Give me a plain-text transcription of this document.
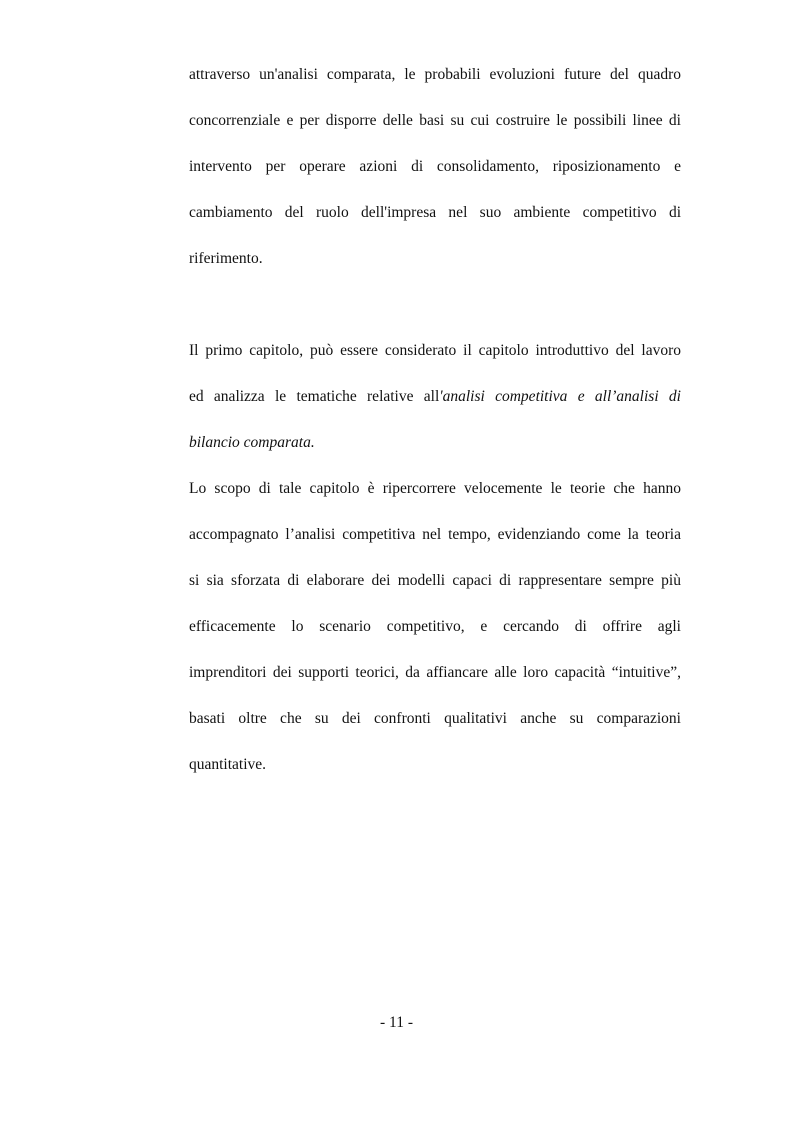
attraverso un'analisi comparata, le probabili evoluzioni future del quadro

concorrenziale e per disporre delle basi su cui costruire le possibili linee di

intervento per operare azioni di consolidamento, riposizionamento e

cambiamento del ruolo dell'impresa nel suo ambiente competitivo di

riferimento.

Il primo capitolo, può essere considerato il capitolo introduttivo del lavoro

ed analizza le tematiche relative all'analisi competitiva e all’analisi di

bilancio comparata.

Lo scopo di tale capitolo è ripercorrere velocemente le teorie che hanno

accompagnato l’analisi competitiva nel tempo, evidenziando come la teoria

si sia sforzata di elaborare dei modelli capaci di rappresentare sempre più

efficacemente lo scenario competitivo, e cercando di offrire agli

imprenditori dei supporti teorici, da affiancare alle loro capacità “intuitive”,

basati oltre che su dei confronti qualitativi anche su comparazioni

quantitative.

- 11 -
